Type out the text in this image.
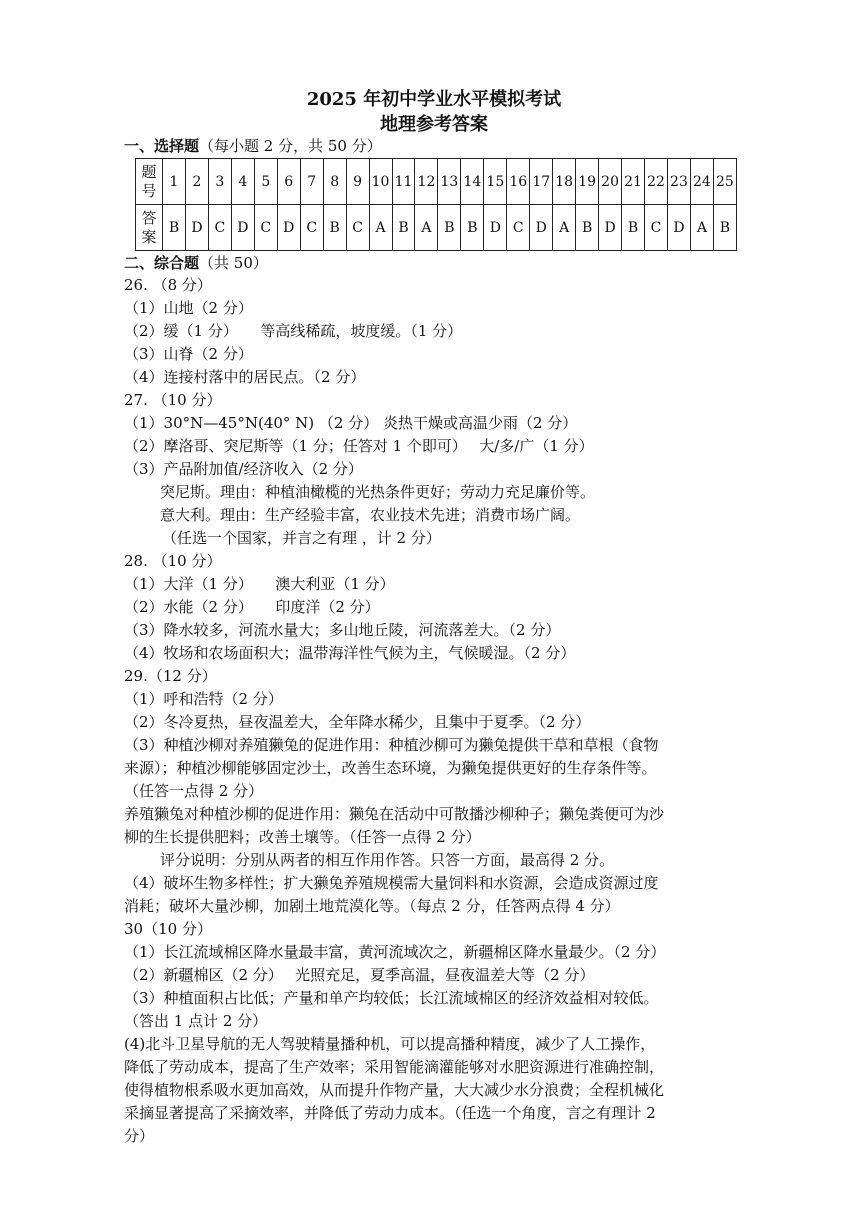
2025 年初中学业水平模拟考试
地理参考答案
一、选择题（每小题 2 分，共 50 分）
题号	1	2	3	4	5	6	7	8	9	10	11	12	13	14	15	16	17	18	19	20	21	22	23	24	25
答案	B	D	C	D	C	D	C	B	C	A	B	A	B	B	D	C	D	A	B	D	B	C	D	A	B
二、综合题（共 50）
26. （8 分）
（1）山地（2 分）
（2）缓（1 分）　　等高线稀疏，坡度缓。（1 分）
（3）山脊（2 分）
（4）连接村落中的居民点。（2 分）
27. （10 分）
（1）30°N—45°N(40° N) （2 分） 炎热干燥或高温少雨（2 分）
（2）摩洛哥、突尼斯等（1 分；任答对 1 个即可）　 大/多/广（1 分）
（3）产品附加值/经济收入（2 分）
突尼斯。理由：种植油橄榄的光热条件更好；劳动力充足廉价等。
意大利。理由：生产经验丰富，农业技术先进；消费市场广阔。
（任选一个国家，并言之有理 ，计 2 分）
28. （10 分）
（1）大洋（1 分）　　澳大利亚（1 分）
（2）水能（2 分）　　印度洋（2 分）
（3）降水较多，河流水量大；多山地丘陵，河流落差大。（2 分）
（4）牧场和农场面积大；温带海洋性气候为主，气候暖湿。（2 分）
29.（12 分）
（1）呼和浩特（2 分）
（2）冬冷夏热，昼夜温差大，全年降水稀少，且集中于夏季。（2 分）
（3）种植沙柳对养殖獭兔的促进作用：种植沙柳可为獭兔提供干草和草根（食物
来源）；种植沙柳能够固定沙土，改善生态环境，为獭兔提供更好的生存条件等。
（任答一点得 2 分）
养殖獭兔对种植沙柳的促进作用：獭兔在活动中可散播沙柳种子；獭兔粪便可为沙
柳的生长提供肥料；改善土壤等。（任答一点得 2 分）
评分说明：分别从两者的相互作用作答。只答一方面，最高得 2 分。
（4）破坏生物多样性；扩大獭兔养殖规模需大量饲料和水资源，会造成资源过度
消耗；破坏大量沙柳，加剧土地荒漠化等。（每点 2 分，任答两点得 4 分）
30（10 分）
（1）长江流域棉区降水量最丰富，黄河流域次之，新疆棉区降水量最少。（2 分）
（2）新疆棉区（2 分）　 光照充足，夏季高温，昼夜温差大等（2 分）
（3）种植面积占比低；产量和单产均较低；长江流域棉区的经济效益相对较低。
（答出 1 点计 2 分）
(4)北斗卫星导航的无人驾驶精量播种机，可以提高播种精度，减少了人工操作，
降低了劳动成本，提高了生产效率；采用智能滴灌能够对水肥资源进行准确控制，
使得植物根系吸水更加高效，从而提升作物产量，大大减少水分浪费；全程机械化
采摘显著提高了采摘效率，并降低了劳动力成本。（任选一个角度，言之有理计 2
分）
